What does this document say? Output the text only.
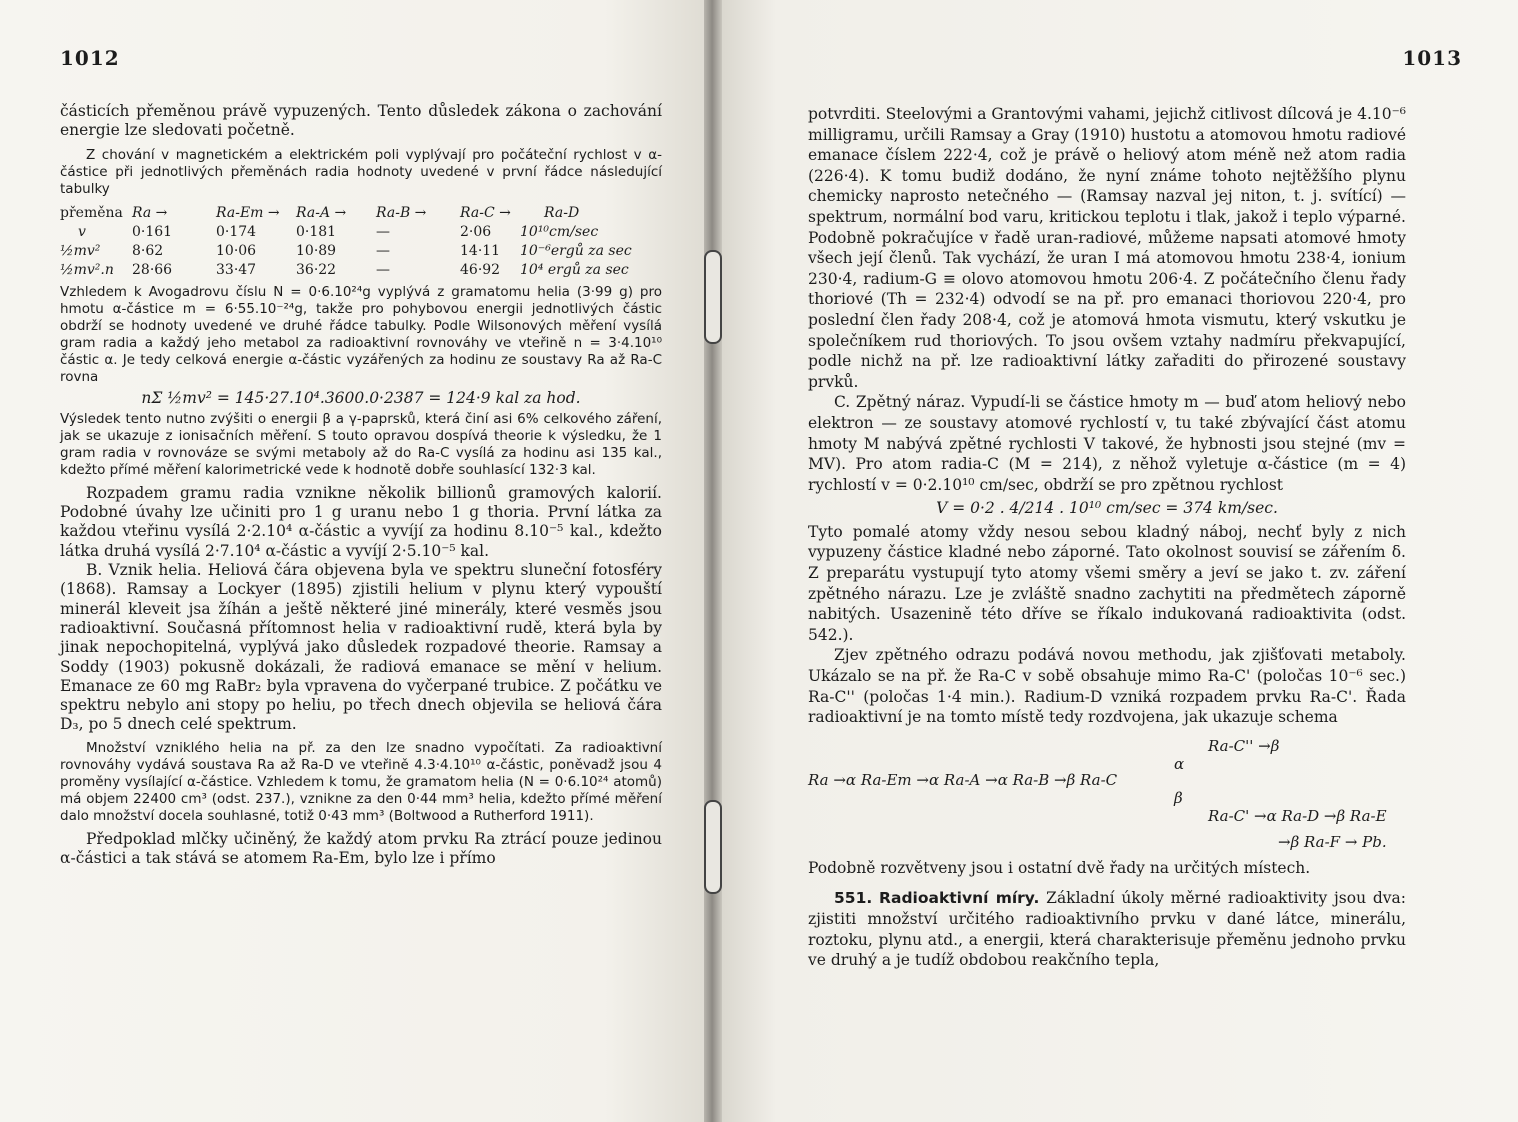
1012

částicích přeměnou právě vypuzených. Tento důsledek zákona o zachování energie lze sledovati početně.

Z chování v magnetickém a elektrickém poli vyplývají pro počáteční rychlost v α-částice při jednotlivých přeměnách radia hodnoty uvedené v první řádce následující tabulky

přeměna Ra →	Ra-Em →	Ra-A →	Ra-B →	Ra-C →	Ra-D
v	0·161	0·174	0·181	—	2·06	10¹⁰cm/sec
½mv²	8·62	10·06	10·89	—	14·11	10⁻⁶ergů za sec
½mv².n	28·66	33·47	36·22	—	46·92	10⁴ ergů za sec

Vzhledem k Avogadrovu číslu N = 0·6.10²⁴g vyplývá z gramatomu helia (3·99 g) pro hmotu α-částice m = 6·55.10⁻²⁴g, takže pro pohybovou energii jednotlivých částic obdrží se hodnoty uvedené ve druhé řádce tabulky. Podle Wilsonových měření vysílá gram radia a každý jeho metabol za radioaktivní rovnováhy ve vteřině n = 3·4.10¹⁰ částic α. Je tedy celková energie α-částic vyzářených za hodinu ze soustavy Ra až Ra-C rovna

nΣ ½mv² = 145·27.10⁴.3600.0·2387 = 124·9 kal za hod.

Výsledek tento nutno zvýšiti o energii β a γ-paprsků, která činí asi 6% celkového záření, jak se ukazuje z ionisačních měření. S touto opravou dospívá theorie k výsledku, že 1 gram radia v rovnováze se svými metaboly až do Ra-C vysílá za hodinu asi 135 kal., kdežto přímé měření kalorimetrické vede k hodnotě dobře souhlasící 132·3 kal.

Rozpadem gramu radia vznikne několik billionů gramových kalorií. Podobné úvahy lze učiniti pro 1 g uranu nebo 1 g thoria. První látka za každou vteřinu vysílá 2·2.10⁴ α-částic a vyvíjí za hodinu 8.10⁻⁵ kal., kdežto látka druhá vysílá 2·7.10⁴ α-částic a vyvíjí 2·5.10⁻⁵ kal.

B. Vznik helia. Heliová čára objevena byla ve spektru sluneční fotosféry (1868). Ramsay a Lockyer (1895) zjistili helium v plynu který vypouští minerál kleveit jsa žíhán a ještě některé jiné minerály, které vesměs jsou radioaktivní. Současná přítomnost helia v radioaktivní rudě, která byla by jinak nepochopitelná, vyplývá jako důsledek rozpadové theorie. Ramsay a Soddy (1903) pokusně dokázali, že radiová emanace se mění v helium. Emanace ze 60 mg RaBr₂ byla vpravena do vyčerpané trubice. Z počátku ve spektru nebylo ani stopy po heliu, po třech dnech objevila se heliová čára D₃, po 5 dnech celé spektrum.

Množství vzniklého helia na př. za den lze snadno vypočítati. Za radioaktivní rovnováhy vydává soustava Ra až Ra-D ve vteřině 4.3·4.10¹⁰ α-částic, poněvadž jsou 4 proměny vysílající α-částice. Vzhledem k tomu, že gramatom helia (N = 0·6.10²⁴ atomů) má objem 22400 cm³ (odst. 237.), vznikne za den 0·44 mm³ helia, kdežto přímé měření dalo množství docela souhlasné, totiž 0·43 mm³ (Boltwood a Rutherford 1911).

Předpoklad mlčky učiněný, že každý atom prvku Ra ztrácí pouze jedinou α-částici a tak stává se atomem Ra-Em, bylo lze i přímo

1013

potvrditi. Steelovými a Grantovými vahami, jejichž citlivost dílcová je 4.10⁻⁶ milligramu, určili Ramsay a Gray (1910) hustotu a atomovou hmotu radiové emanace číslem 222·4, což je právě o heliový atom méně než atom radia (226·4). K tomu budiž dodáno, že nyní známe tohoto nejtěžšího plynu chemicky naprosto netečného — (Ramsay nazval jej niton, t. j. svítící) — spektrum, normální bod varu, kritickou teplotu i tlak, jakož i teplo výparné. Podobně pokračujíce v řadě uran-radiové, můžeme napsati atomové hmoty všech její členů. Tak vychází, že uran I má atomovou hmotu 238·4, ionium 230·4, radium-G ≡ olovo atomovou hmotu 206·4. Z počátečního členu řady thoriové (Th = 232·4) odvodí se na př. pro emanaci thoriovou 220·4, pro poslední člen řady 208·4, což je atomová hmota vismutu, který vskutku je společníkem rud thoriových. To jsou ovšem vztahy nadmíru překvapující, podle nichž na př. lze radioaktivní látky zařaditi do přirozené soustavy prvků.

C. Zpětný náraz. Vypudí-li se částice hmoty m — buď atom heliový nebo elektron — ze soustavy atomové rychlostí v, tu také zbývající část atomu hmoty M nabývá zpětné rychlosti V takové, že hybnosti jsou stejné (mv = MV). Pro atom radia-C (M = 214), z něhož vyletuje α-částice (m = 4) rychlostí v = 0·2.10¹⁰ cm/sec, obdrží se pro zpětnou rychlost

V = 0·2 . 4/214 . 10¹⁰ cm/sec = 374 km/sec.

Tyto pomalé atomy vždy nesou sebou kladný náboj, nechť byly z nich vypuzeny částice kladné nebo záporné. Tato okolnost souvisí se zářením δ. Z preparátu vystupují tyto atomy všemi směry a jeví se jako t. zv. záření zpětného nárazu. Lze je zvláště snadno zachytiti na předmětech záporně nabitých. Usazenině této dříve se říkalo indukovaná radioaktivita (odst. 542.).

Zjev zpětného odrazu podává novou methodu, jak zjišťovati metaboly. Ukázalo se na př. že Ra-C v sobě obsahuje mimo Ra-C' (poločas 10⁻⁶ sec.) Ra-C'' (poločas 1·4 min.). Radium-D vzniká rozpadem prvku Ra-C'. Řada radioaktivní je na tomto místě tedy rozdvojena, jak ukazuje schema

Ra-C'' →β
α
Ra →α Ra-Em →α Ra-A →α Ra-B →β Ra-C
β
Ra-C' →α Ra-D →β Ra-E
→β Ra-F → Pb.

Podobně rozvětveny jsou i ostatní dvě řady na určitých místech.

551. Radioaktivní míry. Základní úkoly měrné radioaktivity jsou dva: zjistiti množství určitého radioaktivního prvku v dané látce, minerálu, roztoku, plynu atd., a energii, která charakterisuje přeměnu jednoho prvku ve druhý a je tudíž obdobou reakčního tepla,
